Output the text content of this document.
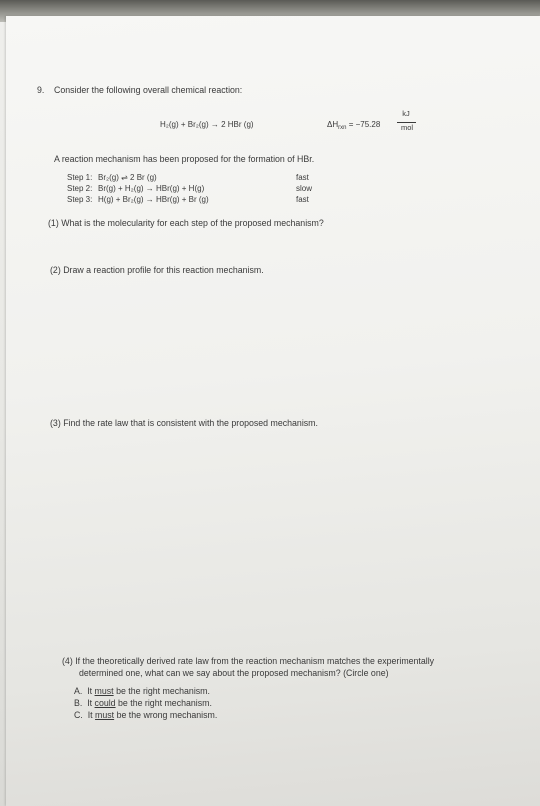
9. Consider the following overall chemical reaction:
H₂(g) + Br₂(g) → 2 HBr (g)	$\Delta H_{rxn} = -75.28$
kJ
mol
A reaction mechanism has been proposed for the formation of HBr.
Step 1: Br₂(g) ⇌ 2 Br (g)	fast
Step 2: Br(g) + H₂(g) → HBr(g) + H(g)	slow
Step 3: H(g) + Br₂(g) → HBr(g) + Br (g)	fast
(1) What is the molecularity for each step of the proposed mechanism?
(2) Draw a reaction profile for this reaction mechanism.
(3) Find the rate law that is consistent with the proposed mechanism.
(4) If the theoretically derived rate law from the reaction mechanism matches the experimentally
determined one, what can we say about the proposed mechanism? (Circle one)
A. It must be the right mechanism.
B. It could be the right mechanism.
C. It must be the wrong mechanism.
